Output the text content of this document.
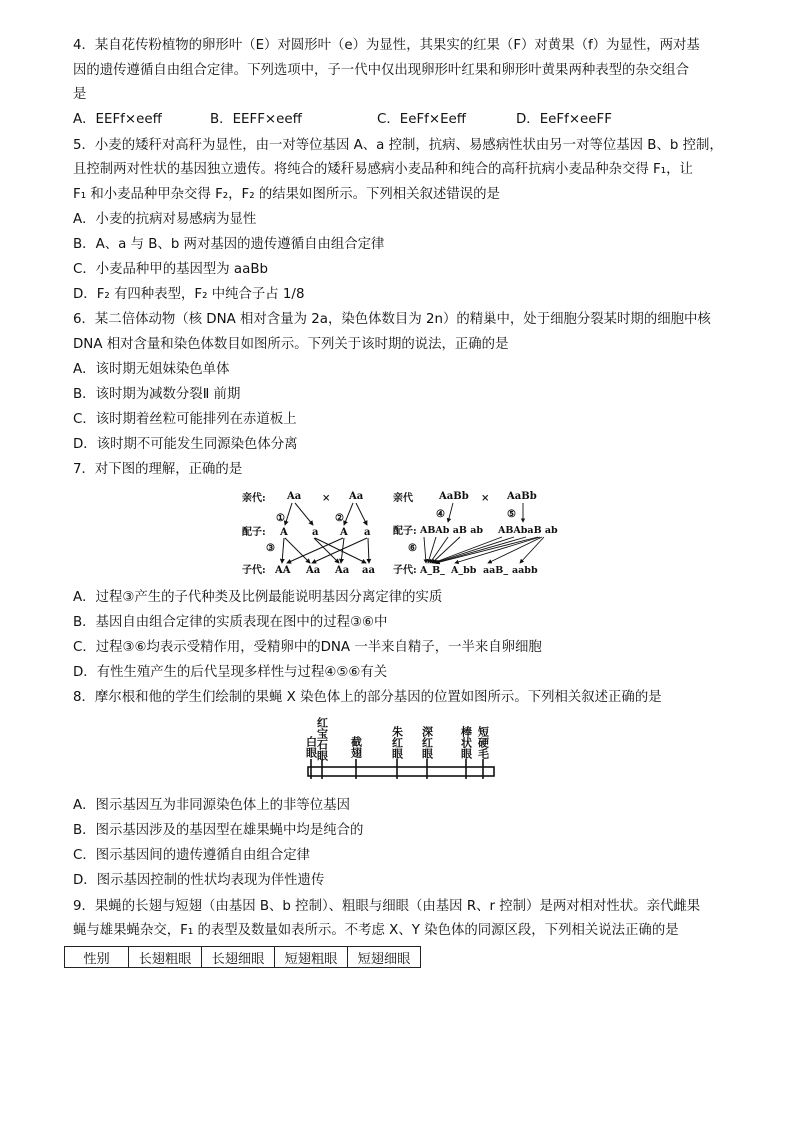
4．某自花传粉植物的卵形叶（E）对圆形叶（e）为显性，其果实的红果（F）对黄果（f）为显性，两对基
因的遗传遵循自由组合定律。下列选项中，子一代中仅出现卵形叶红果和卵形叶黄果两种表型的杂交组合
是
A．EEFf×eeff	B．EEFF×eeff	C．EeFf×Eeff	D．EeFf×eeFF
5．小麦的矮秆对高秆为显性，由一对等位基因 A、a 控制，抗病、易感病性状由另一对等位基因 B、b 控制，
且控制两对性状的基因独立遗传。将纯合的矮秆易感病小麦品种和纯合的高秆抗病小麦品种杂交得 F₁，让
F₁ 和小麦品种甲杂交得 F₂，F₂ 的结果如图所示。下列相关叙述错误的是
A．小麦的抗病对易感病为显性
B．A、a 与 B、b 两对基因的遗传遵循自由组合定律
C．小麦品种甲的基因型为 aaBb
D．F₂ 有四种表型，F₂ 中纯合子占 1/8
6．某二倍体动物（核 DNA 相对含量为 2a，染色体数目为 2n）的精巢中，处于细胞分裂某时期的细胞中核
DNA 相对含量和染色体数目如图所示。下列关于该时期的说法，正确的是
A．该时期无姐妹染色单体
B．该时期为减数分裂Ⅱ 前期
C．该时期着丝粒可能排列在赤道板上
D．该时期不可能发生同源染色体分离
7．对下图的理解，正确的是
亲代: Aa × Aa
①	②
配子: A a A a
③
子代: AA Aa Aa aa
亲代	AaBb × AaBb
④	⑤
配子: ABAb aB ab ABAbaB ab
⑥
子代: A_B_ A_bb aaB_ aabb
A．过程③产生的子代种类及比例最能说明基因分离定律的实质
B．基因自由组合定律的实质表现在图中的过程③⑥中
C．过程③⑥均表示受精作用，受精卵中的DNA 一半来自精子，一半来自卵细胞
D．有性生殖产生的后代呈现多样性与过程④⑤⑥有关
8．摩尔根和他的学生们绘制的果蝇 X 染色体上的部分基因的位置如图所示。下列相关叙述正确的是
白眼
红宝石眼 截翅	朱红眼 深红眼 棒状眼 短硬毛
A．图示基因互为非同源染色体上的非等位基因
B．图示基因涉及的基因型在雄果蝇中均是纯合的
C．图示基因间的遗传遵循自由组合定律
D．图示基因控制的性状均表现为伴性遗传
9．果蝇的长翅与短翅（由基因 B、b 控制）、粗眼与细眼（由基因 R、r 控制）是两对相对性状。亲代雌果
蝇与雄果蝇杂交，F₁ 的表型及数量如表所示。不考虑 X、Y 染色体的同源区段，下列相关说法正确的是
性别	长翅粗眼	长翅细眼	短翅粗眼	短翅细眼
